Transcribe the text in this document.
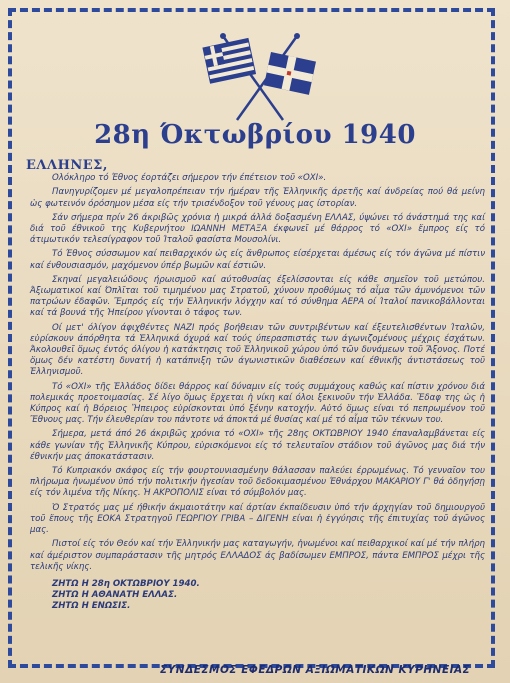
28η Όκτωβρίου 1940
ΕΛΛΗΝΕΣ,

Ολόκληρο τό Έθνος έορτάζει σήμερον τήν έπέτειον τοῦ «ΟΧΙ».

Πανηγυρίζομεν μέ μεγαλοπρέπειαν τήν ήμέραν τῆς Ἑλληνικῆς άρετῆς καί άνδρείας πού θά μείνη ὡς φωτεινόν όρόσημον μέσα είς τήν τρισένδοξον τοῦ γένους μας ίστορίαν.

Σάν σήμερα πρίν 26 άκριβῶς χρόνια ἡ μικρά άλλά δοξασμένη ΕΛΛΑΣ, ύψώνει τό άνάστημά της καί διά τοῦ έθνικοῦ της Κυβερνήτου ΙΩΑΝΝΗ ΜΕΤΑΞΑ έκφωνεῖ μέ θάρρος τό «ΟΧΙ» ἔμπρος είς τό άτιμωτικόν τελεσίγραφον τοῦ Ίταλοῦ φασίστα Μουσολίνι.

Τό Έθνος σύσσωμον καί πειθαρχικόν ὡς είς ἄνθρωπος είσέρχεται άμέσως είς τόν άγῶνα μέ πίστιν καί ένθουσιασμόν, μαχόμενον ύπέρ βωμῶν καί έστιῶν.

Σκηναί μεγαλειώδους ήρωισμοῦ καί αύτοθυσίας έξελίσσονται είς κάθε σημεῖον τοῦ μετώπου. Άξιωματικοί καί Όπλῖται τοῦ τιμημένου μας Στρατοῦ, χύνουν προθύμως τό αἷμα τῶν άμυνόμενοι τῶν πατρώων έδαφῶν. Ἔμπρός είς τήν Ἑλληνικήν λόγχην καί τό σύνθημα ΑΕΡΑ οί Ίταλοί πανικοβάλλονται καί τά βουνά τῆς Ἠπείρου γίνονται ὁ τάφος των.

Οί μετ' όλίγον άφιχθέντες ΝΑΖΙ πρός βοήθειαν τῶν συντριβέντων καί έξευτελισθέντων Ίταλῶν, εὑρίσκουν άπόρθητα τά Ἑλληνικά όχυρά καί τούς ύπερασπιστάς των άγωνιζομένους μέχρις έσχάτων. Άκολουθεῖ ὅμως έντός όλίγου ἡ κατάκτησις τοῦ Ἑλληνικοῦ χώρου ὑπό τῶν δυνάμεων τοῦ Ἄξονος. Ποτέ ὅμως δέν κατέστη δυνατή ἡ κατάπνιξη τῶν άγωνιστικῶν διαθέσεων καί έθνικῆς άντιστάσεως τοῦ Ἑλληνισμοῦ.

Τό «ΟΧΙ» τῆς Ἑλλάδος δίδει θάρρος καί δύναμιν είς τούς συμμάχους καθώς καί πίστιν χρόνου διά πολεμικάς προετοιμασίας. Σέ λίγο ὅμως ἔρχεται ἡ νίκη καί όλοι ξεκινοῦν τήν Ἑλλάδα. Ἔδαφ της ὡς ἡ Κύπρος καί ἡ Βόρειος Ἤπειρος εὑρίσκονται ὑπό ξένην κατοχήν. Αὐτό ὅμως είναι τό πεπρωμένον τοῦ Ἔθνους μας. Τήν έλευθερίαν του πάντοτε νά άποκτά μέ θυσίας καί μέ τό αἷμα τῶν τέκνων του.

Σήμερα, μετά άπό 26 άκριβῶς χρόνια τό «ΟΧΙ» τῆς 28ης ΟΚΤΩΒΡΙΟΥ 1940 έπαναλαμβάνεται είς κάθε γωνίαν τῆς Ἑλληνικῆς Κύπρου, εὑρισκόμενοι είς τό τελευταῖον στάδιον τοῦ άγῶνος μας διά τήν έθνικήν μας άποκατάστασιν.

Τό Κυπριακόν σκάφος είς τήν φουρτουνιασμένην θάλασσαν παλεύει έρρωμένως. Τό γενναῖον του πλήρωμα ἡνωμένον ὑπό τήν πολιτικήν ἡγεσίαν τοῦ δεδοκιμασμένου Έθνάρχου ΜΑΚΑΡΙΟΥ Γ' θά ὁδηγήσῃ είς τόν λιμένα τῆς Νίκης. Ἡ ΑΚΡΟΠΟΛΙΣ είναι τό σύμβολόν μας.

Ὁ Στρατός μας μέ ήθικήν άκμαιοτάτην καί άρτίαν έκπαίδευσιν ὑπό τήν άρχηγίαν τοῦ δημιουργοῦ τοῦ ἔπους τῆς ΕΟΚΑ Στρατηγοῦ ΓΕΩΡΓΙΟΥ ΓΡΙΒΑ – ΔΙΓΕΝΗ είναι ἡ ἐγγύησις τῆς έπιτυχίας τοῦ άγῶνος μας.

Πιστοί είς τόν Θεόν καί τήν Ἑλληνικήν μας καταγωγήν, ἡνωμένοι καί πειθαρχικοί καί μέ τήν πλήρη καί άμέριστον συμπαράστασιν τῆς μητρός ΕΛΛΑΔΟΣ άς βαδίσωμεν ΕΜΠΡΟΣ, πάντα ΕΜΠΡΟΣ μέχρι τῆς τελικῆς νίκης.

ΖΗΤΩ Η 28η ΟΚΤΩΒΡΙΟΥ 1940.
ΖΗΤΩ Η ΑΘΑΝΑΤΗ ΕΛΛΑΣ.
ΖΗΤΩ Η ΕΝΩΣΙΣ.
ΣΥΝΔΕΣΜΟΣ ΕΦΕΔΡΩΝ ΑΞΙΩΜΑΤΙΚΩΝ ΚΥΡΗΝΕΙΑΣ
